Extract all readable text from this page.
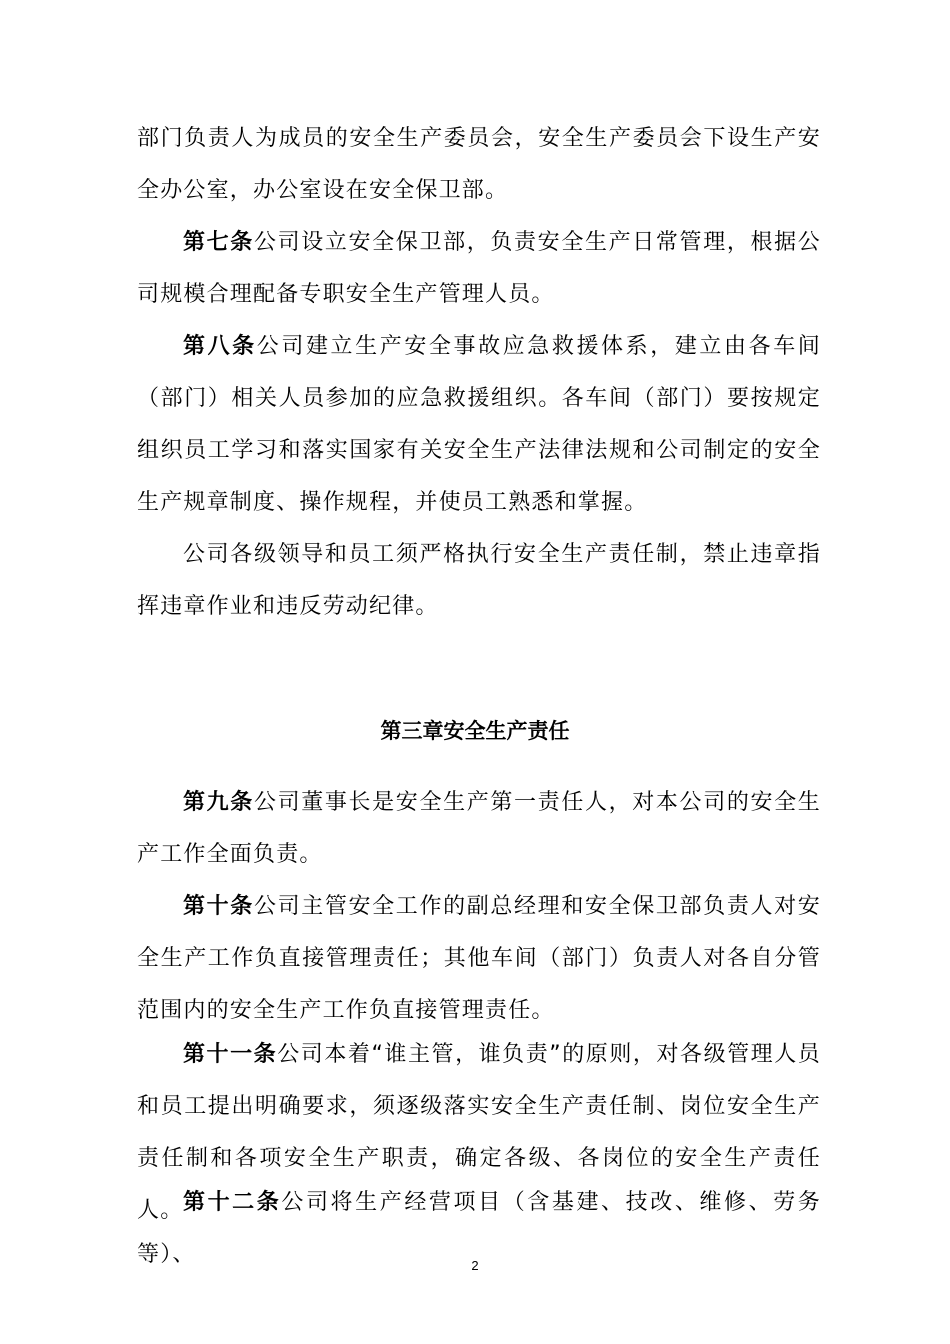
部门负责人为成员的安全生产委员会，安全生产委员会下设生产安全办公室，办公室设在安全保卫部。

第七条公司设立安全保卫部，负责安全生产日常管理，根据公司规模合理配备专职安全生产管理人员。

第八条公司建立生产安全事故应急救援体系，建立由各车间（部门）相关人员参加的应急救援组织。各车间（部门）要按规定组织员工学习和落实国家有关安全生产法律法规和公司制定的安全生产规章制度、操作规程，并使员工熟悉和掌握。

公司各级领导和员工须严格执行安全生产责任制，禁止违章指挥违章作业和违反劳动纪律。

第三章安全生产责任

第九条公司董事长是安全生产第一责任人，对本公司的安全生产工作全面负责。

第十条公司主管安全工作的副总经理和安全保卫部负责人对安全生产工作负直接管理责任；其他车间（部门）负责人对各自分管范围内的安全生产工作负直接管理责任。

第十一条公司本着“谁主管，谁负责”的原则，对各级管理人员和员工提出明确要求，须逐级落实安全生产责任制、岗位安全生产责任制和各项安全生产职责，确定各级、各岗位的安全生产责任人。 第十二条公司将生产经营项目（含基建、技改、维修、劳务等）、	2
